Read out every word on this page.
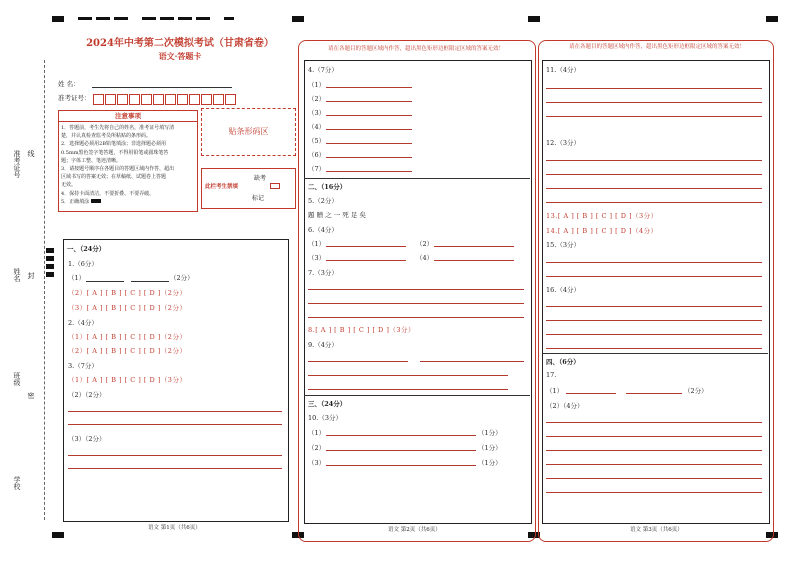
准考证号 线
姓名 封
班级
密
学校
2024年中考第二次模拟考试（甘肃省卷）
语文·答题卡
姓 名：
准考证号：
注意事项
1．答题前，考生先将自己的姓名，准考证号填写清
楚，并认真检查监考员所粘贴的条形码。
2．选择题必须用2B铅笔填涂；非选择题必须用
0.5mm黑色签字笔答题，不得用铅笔或圆珠笔答
题；字体工整、笔迹清晰。
3．请按题号顺序在各题目的答题区域内作答，超出
区域书写的答案无效；在草稿纸、试题卷上答题
无效。
4．保持卡面清洁，不要折叠、不要弄破。
5．正确填涂
贴条形码区
此栏考生禁填
缺考
标记
一、（24分）
1.（6分）
（1）	（2分）
（2）[ A ] [ B ] [ C ] [ D ]（2分）
（3）[ A ] [ B ] [ C ] [ D ]（2分）
2.（4分）
（1）[ A ] [ B ] [ C ] [ D ]（2分）
（2）[ A ] [ B ] [ C ] [ D ]（2分）
3.（7分）
（1）[ A ] [ B ] [ C ] [ D ]（3分）
（2）（2分）
（3）（2分）
语文 第1页（共6页）
请在各题目的答题区域内作答，超出黑色矩形边框限定区域的答案无效！
4.（7分）
（1）
（2）
（3）
（4）
（5）
（6）
（7）
二、（16分）
5.（2分）
題 贈 之 一 死 足 矣
6.（4分）
（1）	（2）
（3）	（4）
7.（3分）
8.[ A ] [ B ] [ C ] [ D ]（3分）
9.（4分）
三、（24分）
10.（3分）
（1）	（1分）
（2）	（1分）
（3）	（1分）
语文 第2页（共6页）
请在各题目的答题区域内作答，超出黑色矩形边框限定区域的答案无效！
11.（4分）
12.（3分）
13.[ A ] [ B ] [ C ] [ D ]（3分）
14.[ A ] [ B ] [ C ] [ D ]（4分）
15.（3分）
16.（4分）
四、（6分）
17.
（1）	（2分）
（2）（4分）
语文 第3页（共6页）
